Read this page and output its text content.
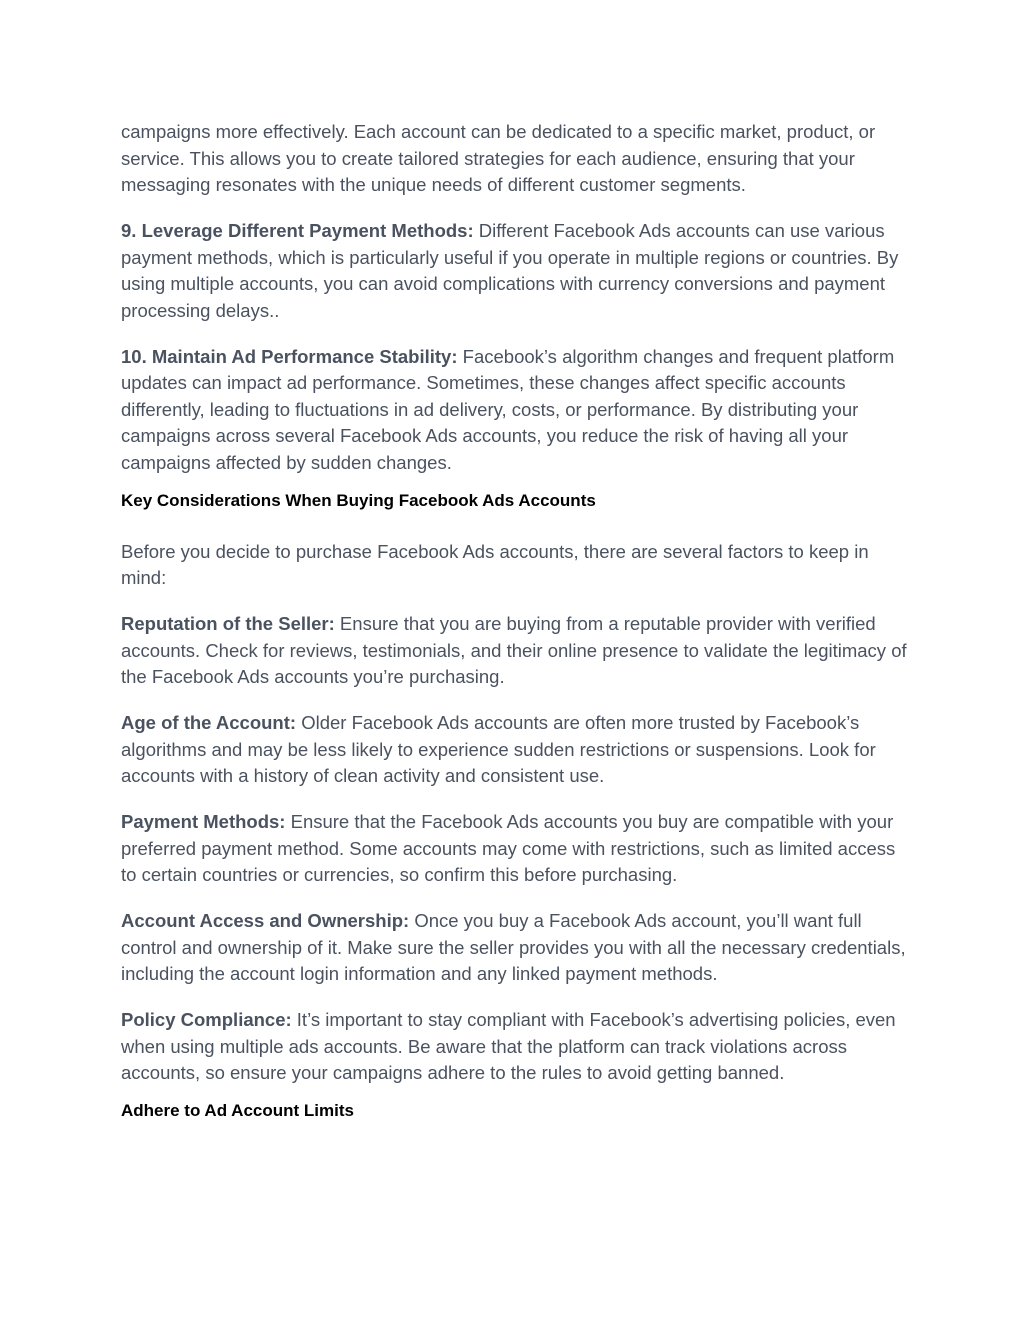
campaigns more effectively. Each account can be dedicated to a specific market, product, or service. This allows you to create tailored strategies for each audience, ensuring that your messaging resonates with the unique needs of different customer segments.

9. Leverage Different Payment Methods: Different Facebook Ads accounts can use various payment methods, which is particularly useful if you operate in multiple regions or countries. By using multiple accounts, you can avoid complications with currency conversions and payment processing delays..

10. Maintain Ad Performance Stability: Facebook’s algorithm changes and frequent platform updates can impact ad performance. Sometimes, these changes affect specific accounts differently, leading to fluctuations in ad delivery, costs, or performance. By distributing your campaigns across several Facebook Ads accounts, you reduce the risk of having all your campaigns affected by sudden changes.

Key Considerations When Buying Facebook Ads Accounts

Before you decide to purchase Facebook Ads accounts, there are several factors to keep in mind:

Reputation of the Seller: Ensure that you are buying from a reputable provider with verified accounts. Check for reviews, testimonials, and their online presence to validate the legitimacy of the Facebook Ads accounts you’re purchasing.

Age of the Account: Older Facebook Ads accounts are often more trusted by Facebook’s algorithms and may be less likely to experience sudden restrictions or suspensions. Look for accounts with a history of clean activity and consistent use.

Payment Methods: Ensure that the Facebook Ads accounts you buy are compatible with your preferred payment method. Some accounts may come with restrictions, such as limited access to certain countries or currencies, so confirm this before purchasing.

Account Access and Ownership: Once you buy a Facebook Ads account, you’ll want full control and ownership of it. Make sure the seller provides you with all the necessary credentials, including the account login information and any linked payment methods.

Policy Compliance: It’s important to stay compliant with Facebook’s advertising policies, even when using multiple ads accounts. Be aware that the platform can track violations across accounts, so ensure your campaigns adhere to the rules to avoid getting banned.

Adhere to Ad Account Limits
